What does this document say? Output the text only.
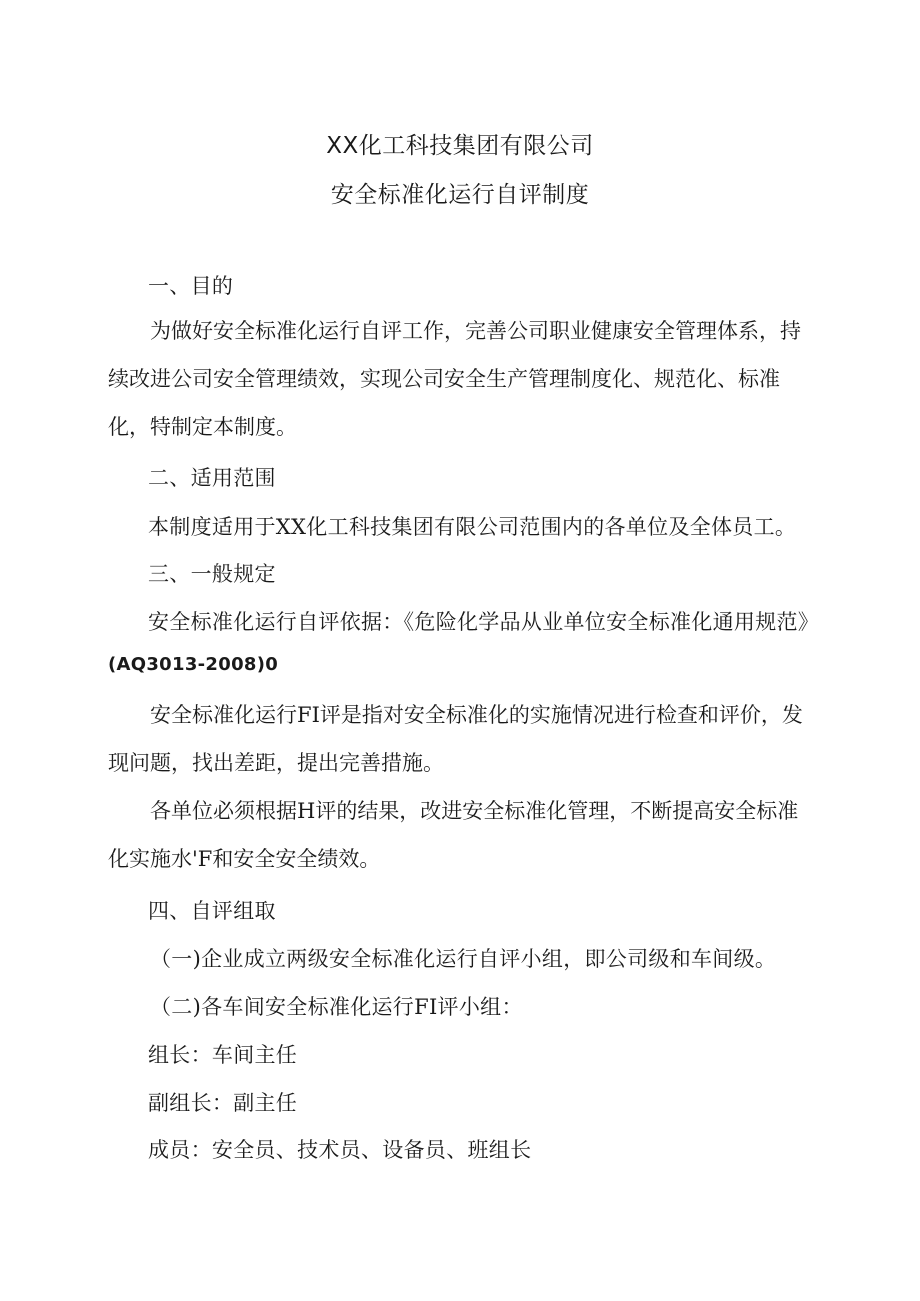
XX化工科技集团有限公司
安全标准化运行自评制度
一、目的
为做好安全标准化运行自评工作，完善公司职业健康安全管理体系，持续改进公司安全管理绩效，实现公司安全生产管理制度化、规范化、标准化，特制定本制度。
二、适用范围
本制度适用于XX化工科技集团有限公司范围内的各单位及全体员工。
三、一般规定
安全标准化运行自评依据：《危险化学品从业单位安全标准化通用规范》
(AQ3013-2008)0
安全标准化运行FI评是指对安全标准化的实施情况进行检查和评价，发现问题，找出差距，提出完善措施。
各单位必须根据H评的结果，改进安全标准化管理，不断提高安全标准化实施水'F和安全安全绩效。
四、自评组取
（一)企业成立两级安全标准化运行自评小组，即公司级和车间级。
（二)各车间安全标准化运行FI评小组：
组长：车间主任
副组长：副主任
成员：安全员、技术员、设备员、班组长
